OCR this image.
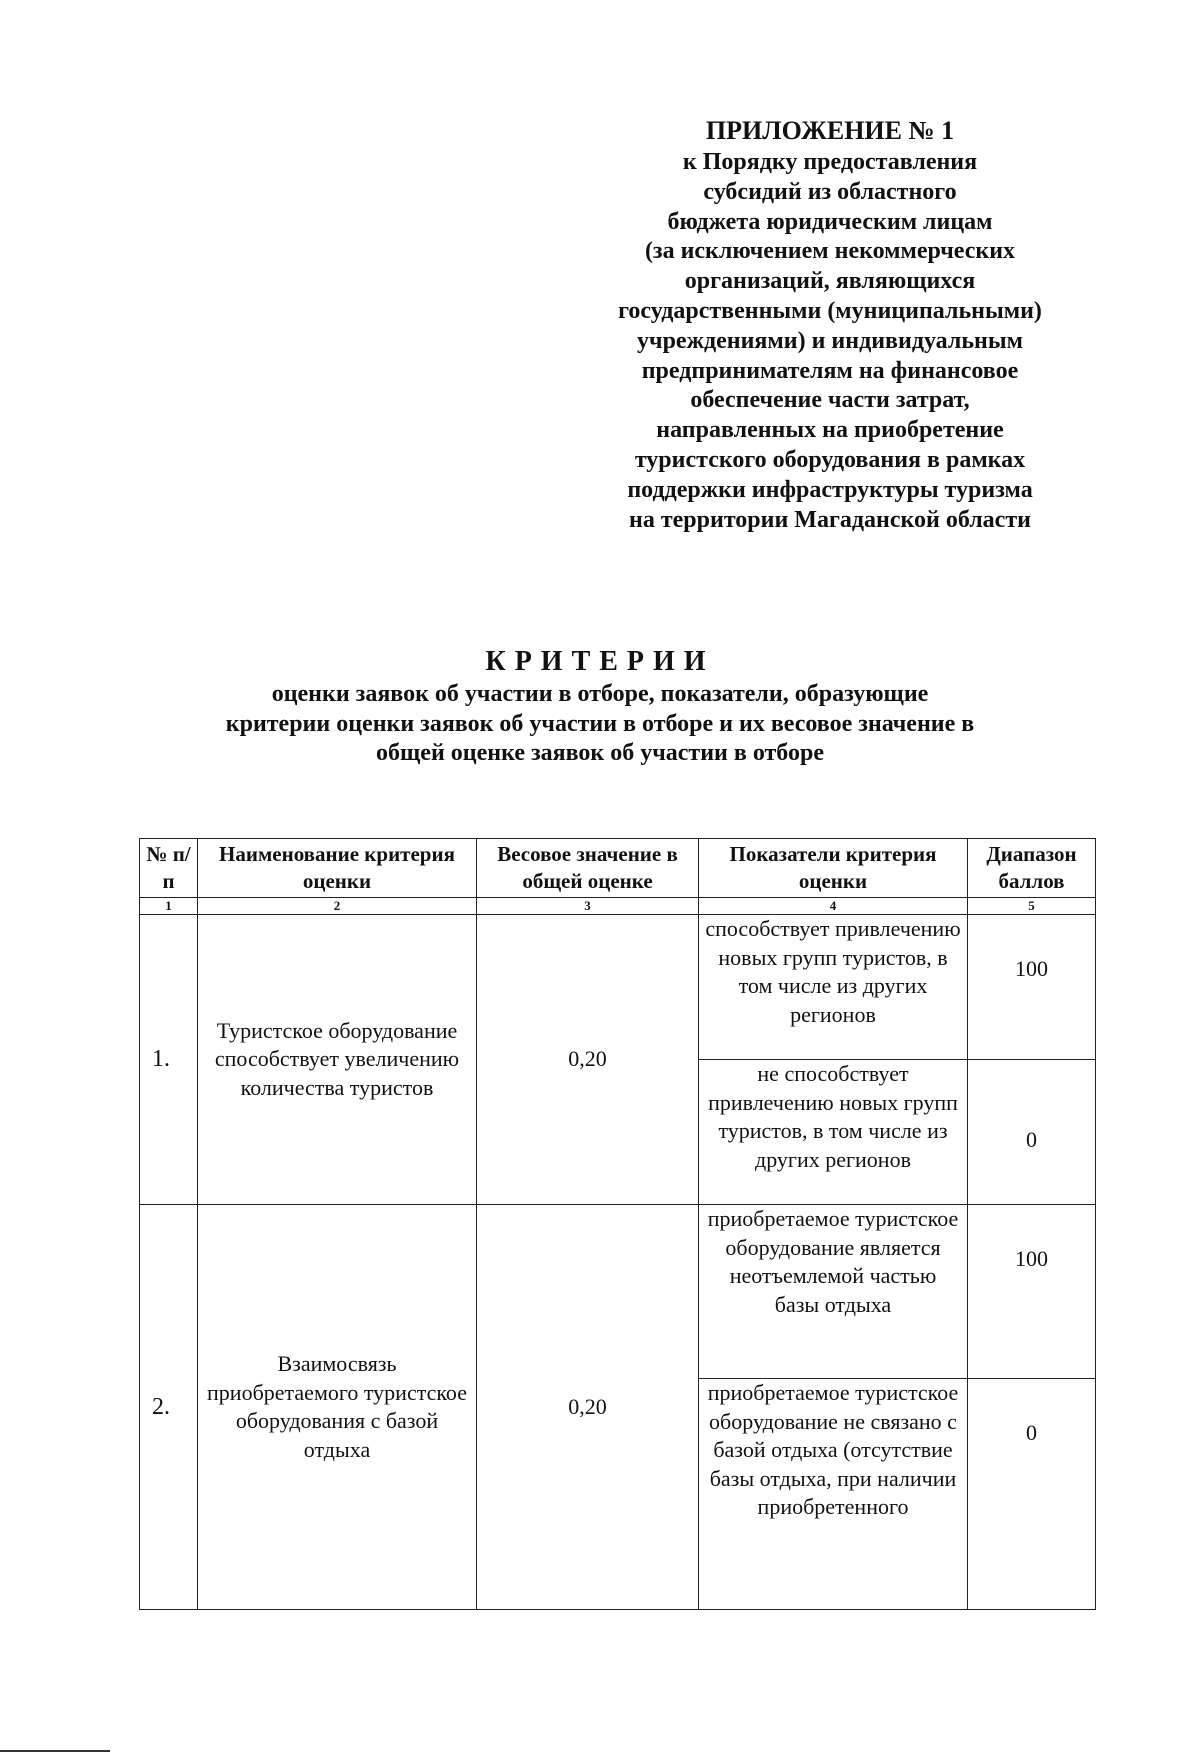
ПРИЛОЖЕНИЕ № 1
к Порядку предоставления
субсидий из областного
бюджета юридическим лицам
(за исключением некоммерческих
организаций, являющихся
государственными (муниципальными)
учреждениями) и индивидуальным
предпринимателям на финансовое
обеспечение части затрат,
направленных на приобретение
туристского оборудования в рамках
поддержки инфраструктуры туризма
на территории Магаданской области
КРИТЕРИИ
оценки заявок об участии в отборе, показатели, образующие
критерии оценки заявок об участии в отборе и их весовое значение в
общей оценке заявок об участии в отборе
№ п/п	Наименование критерия оценки	Весовое значение в общей оценке	Показатели критерия оценки	Диапазон баллов
1	2	3	4	5
1.	Туристское оборудование способствует увеличению количества туристов	0,20	способствует привлечению новых групп туристов, в том числе из других регионов	100
			не способствует привлечению новых групп туристов, в том числе из других регионов	0
2.	Взаимосвязь приобретаемого туристское оборудования с базой отдыха	0,20	приобретаемое туристское оборудование является неотъемлемой частью базы отдыха	100
			приобретаемое туристское оборудование не связано с базой отдыха (отсутствие базы отдыха, при наличии приобретенного	0
